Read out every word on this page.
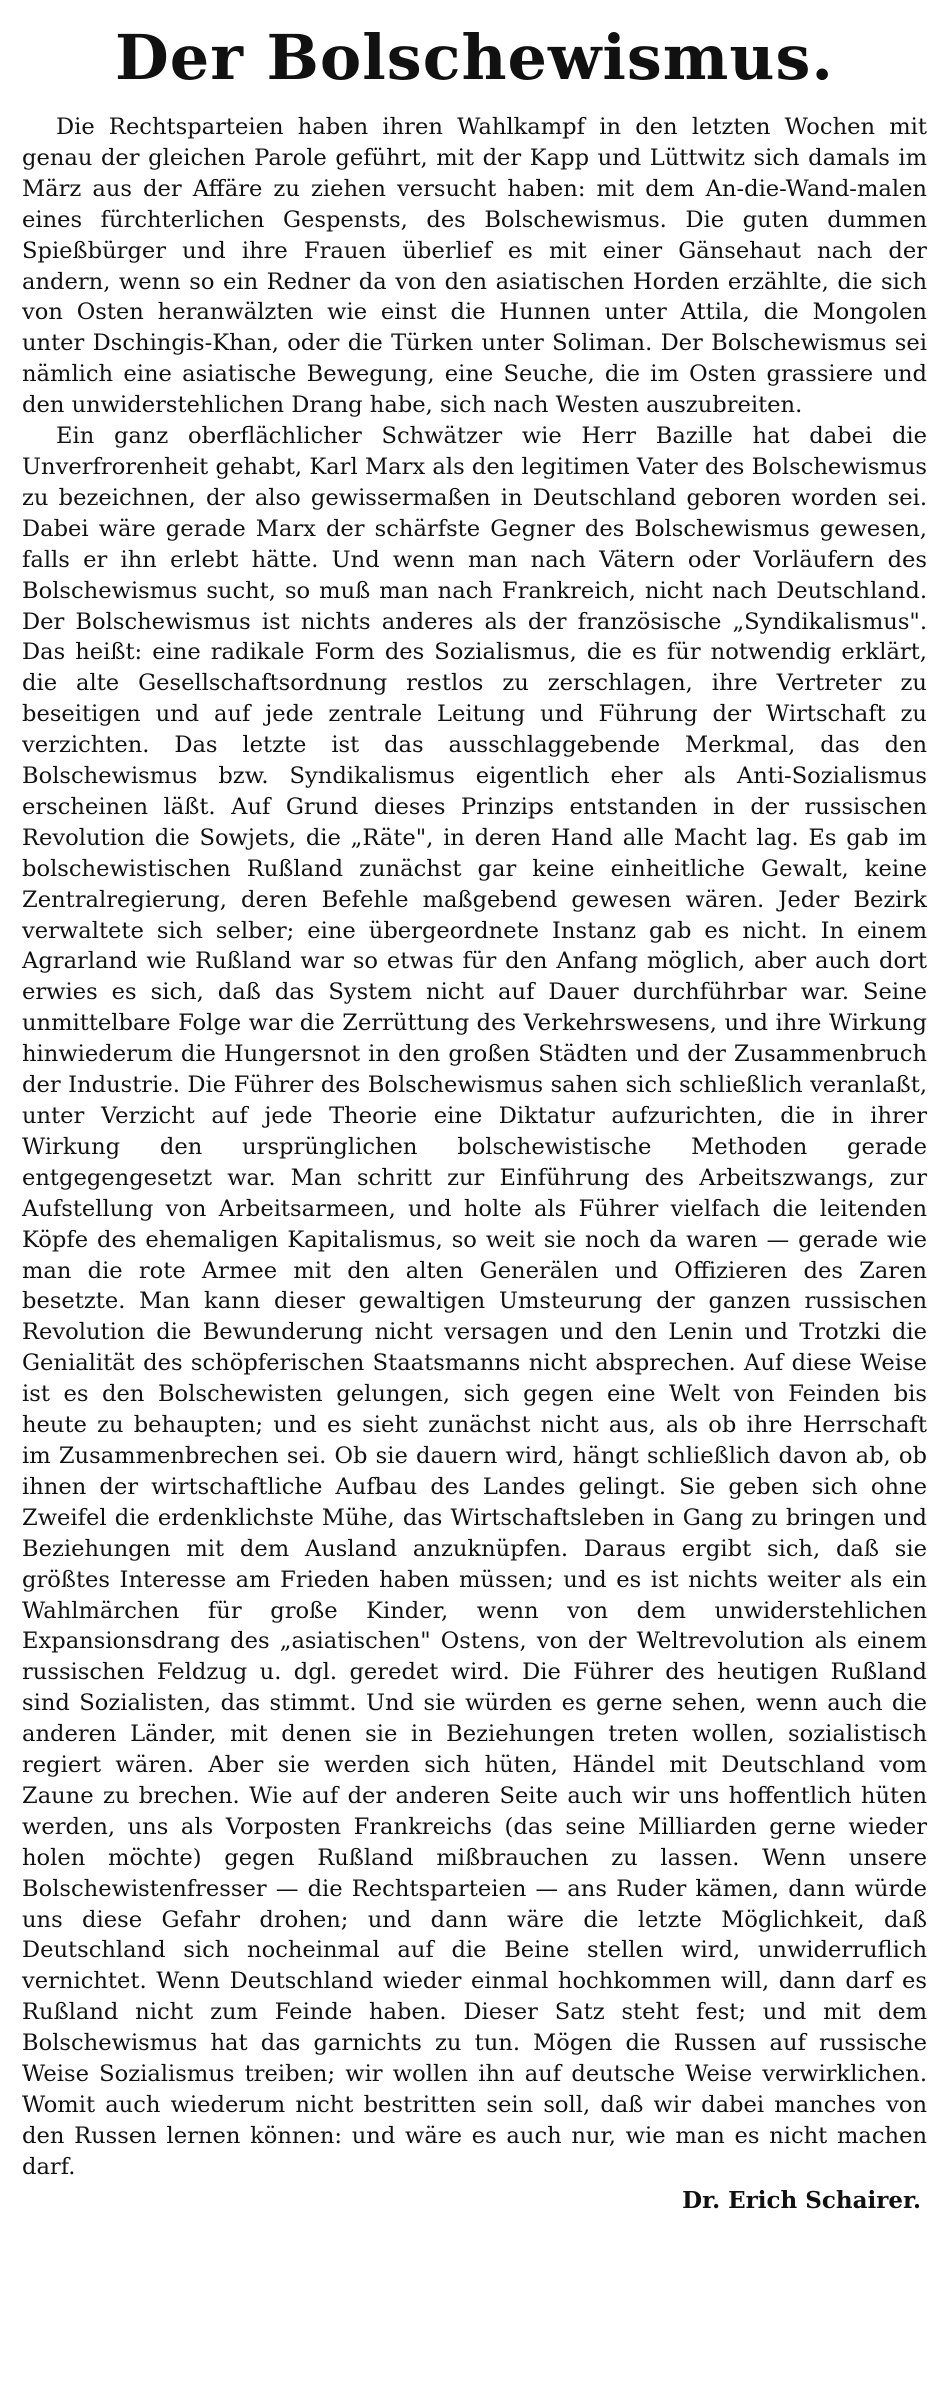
Der Bolschewismus.

Die Rechtsparteien haben ihren Wahlkampf in den letzten Wochen mit genau der gleichen Parole geführt, mit der Kapp und Lüttwitz sich damals im März aus der Affäre zu ziehen versucht haben: mit dem An-die-Wand-malen eines fürchterlichen Gespensts, des Bolschewismus. Die guten dummen Spießbürger und ihre Frauen überlief es mit einer Gänsehaut nach der andern, wenn so ein Redner da von den asiatischen Horden erzählte, die sich von Osten heranwälzten wie einst die Hunnen unter Attila, die Mongolen unter Dschingis-Khan, oder die Türken unter Soliman. Der Bolschewismus sei nämlich eine asiatische Bewegung, eine Seuche, die im Osten grassiere und den unwiderstehlichen Drang habe, sich nach Westen auszubreiten.

Ein ganz oberflächlicher Schwätzer wie Herr Bazille hat dabei die Unverfrorenheit gehabt, Karl Marx als den legitimen Vater des Bolschewismus zu bezeichnen, der also gewissermaßen in Deutschland geboren worden sei. Dabei wäre gerade Marx der schärfste Gegner des Bolschewismus gewesen, falls er ihn erlebt hätte. Und wenn man nach Vätern oder Vorläufern des Bolschewismus sucht, so muß man nach Frankreich, nicht nach Deutschland. Der Bolschewismus ist nichts anderes als der französische „Syndikalismus". Das heißt: eine radikale Form des Sozialismus, die es für notwendig erklärt, die alte Gesellschaftsordnung restlos zu zerschlagen, ihre Vertreter zu beseitigen und auf jede zentrale Leitung und Führung der Wirtschaft zu verzichten. Das letzte ist das ausschlaggebende Merkmal, das den Bolschewismus bzw. Syndikalismus eigentlich eher als Anti-Sozialismus erscheinen läßt. Auf Grund dieses Prinzips entstanden in der russischen Revolution die Sowjets, die „Räte", in deren Hand alle Macht lag. Es gab im bolschewistischen Rußland zunächst gar keine einheitliche Gewalt, keine Zentralregierung, deren Befehle maßgebend gewesen wären. Jeder Bezirk verwaltete sich selber; eine übergeordnete Instanz gab es nicht. In einem Agrarland wie Rußland war so etwas für den Anfang möglich, aber auch dort erwies es sich, daß das System nicht auf Dauer durchführbar war. Seine unmittelbare Folge war die Zerrüttung des Verkehrswesens, und ihre Wirkung hinwiederum die Hungersnot in den großen Städten und der Zusammenbruch der Industrie. Die Führer des Bolschewismus sahen sich schließlich veranlaßt, unter Verzicht auf jede Theorie eine Diktatur aufzurichten, die in ihrer Wirkung den ursprünglichen bolschewistische Methoden gerade entgegengesetzt war. Man schritt zur Einführung des Arbeitszwangs, zur Aufstellung von Arbeitsarmeen, und holte als Führer vielfach die leitenden Köpfe des ehemaligen Kapitalismus, so weit sie noch da waren — gerade wie man die rote Armee mit den alten Generälen und Offizieren des Zaren besetzte. Man kann dieser gewaltigen Umsteurung der ganzen russischen Revolution die Bewunderung nicht versagen und den Lenin und Trotzki die Genialität des schöpferischen Staatsmanns nicht absprechen. Auf diese Weise ist es den Bolschewisten gelungen, sich gegen eine Welt von Feinden bis heute zu behaupten; und es sieht zunächst nicht aus, als ob ihre Herrschaft im Zusammenbrechen sei. Ob sie dauern wird, hängt schließlich davon ab, ob ihnen der wirtschaftliche Aufbau des Landes gelingt. Sie geben sich ohne Zweifel die erdenklichste Mühe, das Wirtschaftsleben in Gang zu bringen und Beziehungen mit dem Ausland anzuknüpfen. Daraus ergibt sich, daß sie größtes Interesse am Frieden haben müssen; und es ist nichts weiter als ein Wahlmärchen für große Kinder, wenn von dem unwiderstehlichen Expansionsdrang des „asiatischen" Ostens, von der Weltrevolution als einem russischen Feldzug u. dgl. geredet wird. Die Führer des heutigen Rußland sind Sozialisten, das stimmt. Und sie würden es gerne sehen, wenn auch die anderen Länder, mit denen sie in Beziehungen treten wollen, sozialistisch regiert wären. Aber sie werden sich hüten, Händel mit Deutschland vom Zaune zu brechen. Wie auf der anderen Seite auch wir uns hoffentlich hüten werden, uns als Vorposten Frankreichs (das seine Milliarden gerne wieder holen möchte) gegen Rußland mißbrauchen zu lassen. Wenn unsere Bolschewistenfresser — die Rechtsparteien — ans Ruder kämen, dann würde uns diese Gefahr drohen; und dann wäre die letzte Möglichkeit, daß Deutschland sich nocheinmal auf die Beine stellen wird, unwiderruflich vernichtet. Wenn Deutschland wieder einmal hochkommen will, dann darf es Rußland nicht zum Feinde haben. Dieser Satz steht fest; und mit dem Bolschewismus hat das garnichts zu tun. Mögen die Russen auf russische Weise Sozialismus treiben; wir wollen ihn auf deutsche Weise verwirklichen. Womit auch wiederum nicht bestritten sein soll, daß wir dabei manches von den Russen lernen können: und wäre es auch nur, wie man es nicht machen darf.

Dr. Erich Schairer.
